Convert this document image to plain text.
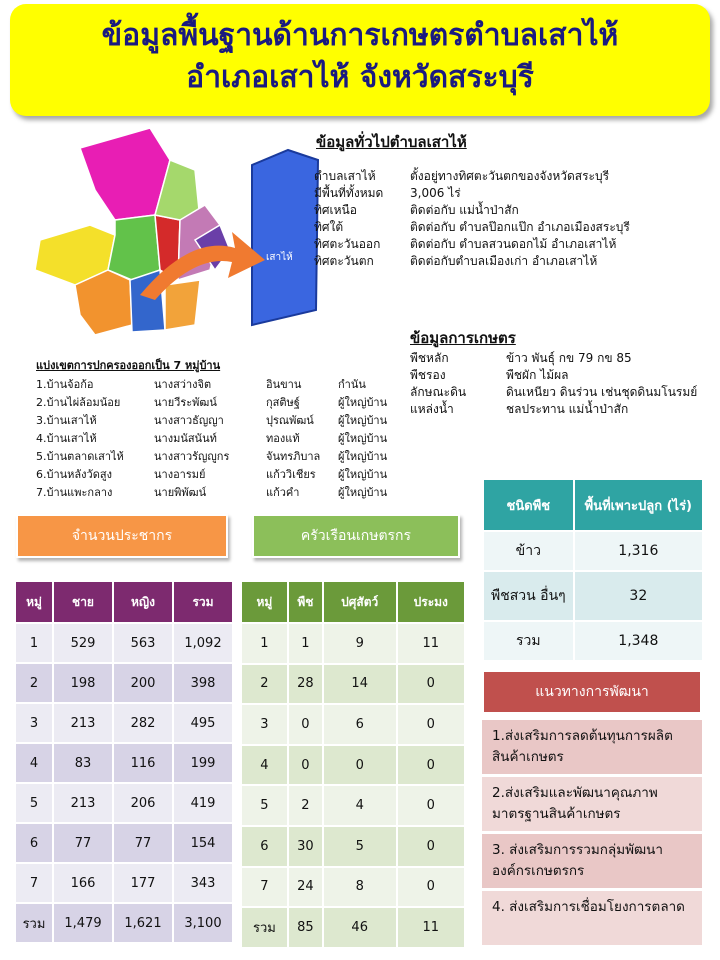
ข้อมูลพื้นฐานด้านการเกษตรตำบลเสาไห้
อำเภอเสาไห้ จังหวัดสระบุรี
เสาไห้
ข้อมูลทั่วไปตำบลเสาไห้
ตำบลเสาไห้	ตั้งอยู่ทางทิศตะวันตกของจังหวัดสระบุรี
มีพื้นที่ทั้งหมด	3,006 ไร่
ทิศเหนือ	ติดต่อกับ แม่น้ำป่าสัก
ทิศใต้	ติดต่อกับ ตำบลป๊อกแป๊ก อำเภอเมืองสระบุรี
ทิศตะวันออก	ติดต่อกับ ตำบลสวนดอกไม้ อำเภอเสาไห้
ทิศตะวันตก	ติดต่อกับตำบลเมืองเก่า อำเภอเสาไห้
ข้อมูลการเกษตร
พืชหลัก	ข้าว พันธุ์ กข 79 กข 85
พืชรอง	พืชผัก ไม้ผล
ลักษณะดิน	ดินเหนียว ดินร่วน เช่นชุดดินมโนรมย์
แหล่งน้ำ	ชลประทาน แม่น้ำป่าสัก
แบ่งเขตการปกครองออกเป็น 7 หมู่บ้าน
1.บ้านจ้อก้อ	นางสว่างจิต	อินขาน	กำนัน
2.บ้านไผ่ล้อมน้อย	นายวีระพัฒน์	กุสติษฐ์	ผู้ใหญ่บ้าน
3.บ้านเสาไห้	นางสาวธัญญา	ปุรณพัฒน์	ผู้ใหญ่บ้าน
4.บ้านเสาไห้	นางมนัสนันท์	ทองแท้	ผู้ใหญ่บ้าน
5.บ้านตลาดเสาไห้	นางสาวรัญญูกร	จันทรภิบาล	ผู้ใหญ่บ้าน
6.บ้านหลังวัดสูง	นางอารมย์	แก้ววิเชียร	ผู้ใหญ่บ้าน
7.บ้านแพะกลาง	นายพิพัฒน์	แก้วคำ	ผู้ใหญ่บ้าน
จำนวนประชากร	ครัวเรือนเกษตรกร
หมู่	ชาย	หญิง	รวม
1	529	563	1,092
2	198	200	398
3	213	282	495
4	83	116	199
5	213	206	419
6	77	77	154
7	166	177	343
รวม	1,479	1,621	3,100
หมู่	พืช	ปศุสัตว์	ประมง
1	1	9	11
2	28	14	0
3	0	6	0
4	0	0	0
5	2	4	0
6	30	5	0
7	24	8	0
รวม	85	46	11
ชนิดพืช	พื้นที่เพาะปลูก (ไร่)
ข้าว	1,316
พืชสวน อื่นๆ	32
รวม	1,348
แนวทางการพัฒนา
1.ส่งเสริมการลดต้นทุนการผลิตสินค้าเกษตร
2.ส่งเสริมและพัฒนาคุณภาพมาตรฐานสินค้าเกษตร
3. ส่งเสริมการรวมกลุ่มพัฒนาองค์กรเกษตรกร
4. ส่งเสริมการเชื่อมโยงการตลาด
